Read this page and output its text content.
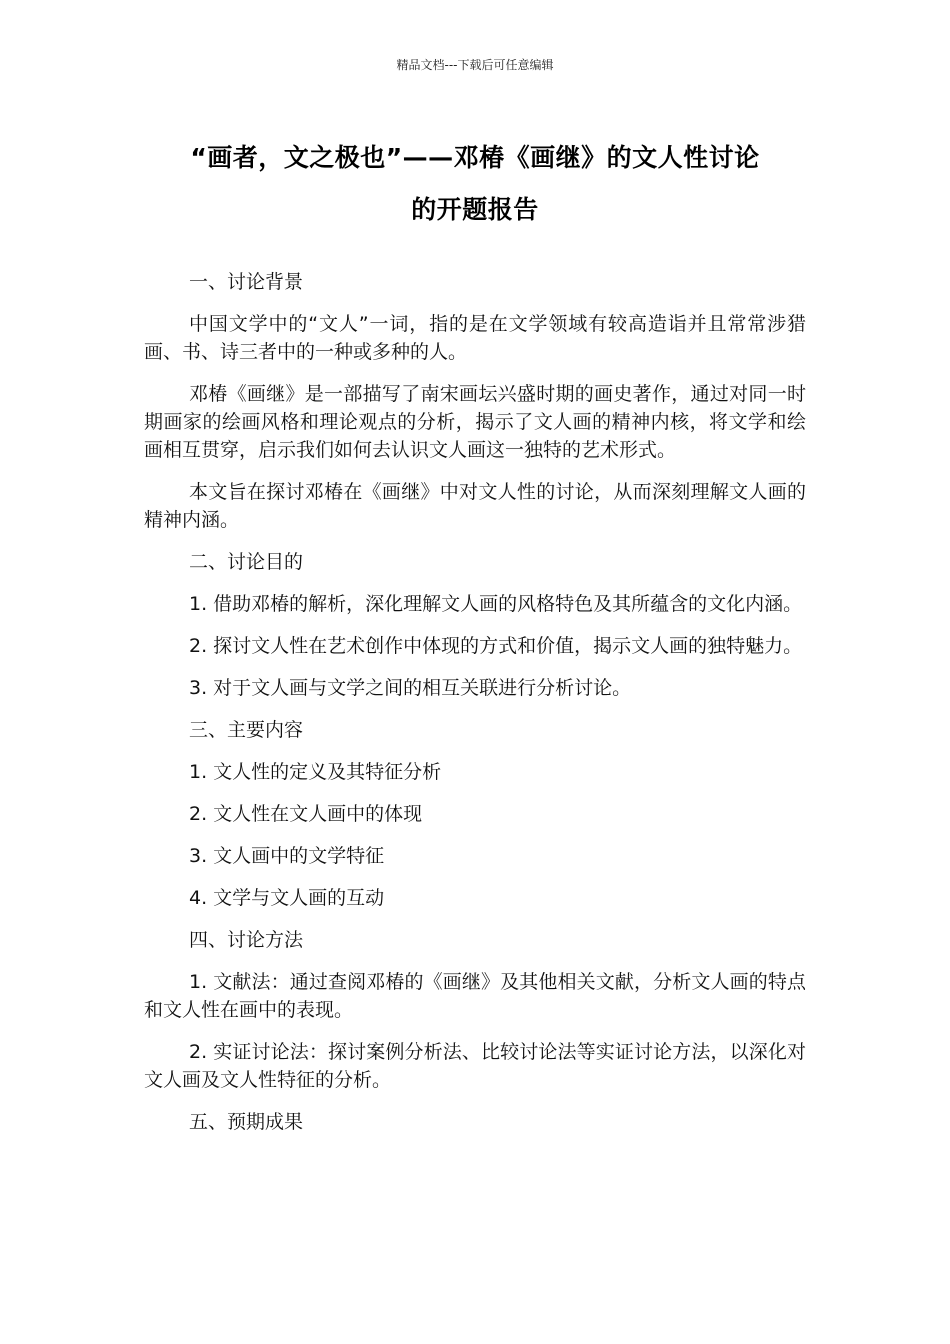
精品文档---下载后可任意编辑
“画者，文之极也”——邓椿《画继》的文人性讨论
的开题报告

一、讨论背景

中国文学中的“文人”一词，指的是在文学领域有较高造诣并且常常涉猎画、书、诗三者中的一种或多种的人。

邓椿《画继》是一部描写了南宋画坛兴盛时期的画史著作，通过对同一时期画家的绘画风格和理论观点的分析，揭示了文人画的精神内核，将文学和绘画相互贯穿，启示我们如何去认识文人画这一独特的艺术形式。

本文旨在探讨邓椿在《画继》中对文人性的讨论，从而深刻理解文人画的精神内涵。

二、讨论目的

1. 借助邓椿的解析，深化理解文人画的风格特色及其所蕴含的文化内涵。

2. 探讨文人性在艺术创作中体现的方式和价值，揭示文人画的独特魅力。

3. 对于文人画与文学之间的相互关联进行分析讨论。

三、主要内容

1. 文人性的定义及其特征分析

2. 文人性在文人画中的体现

3. 文人画中的文学特征

4. 文学与文人画的互动

四、讨论方法

1. 文献法：通过查阅邓椿的《画继》及其他相关文献，分析文人画的特点和文人性在画中的表现。

2. 实证讨论法：探讨案例分析法、比较讨论法等实证讨论方法，以深化对文人画及文人性特征的分析。

五、预期成果
